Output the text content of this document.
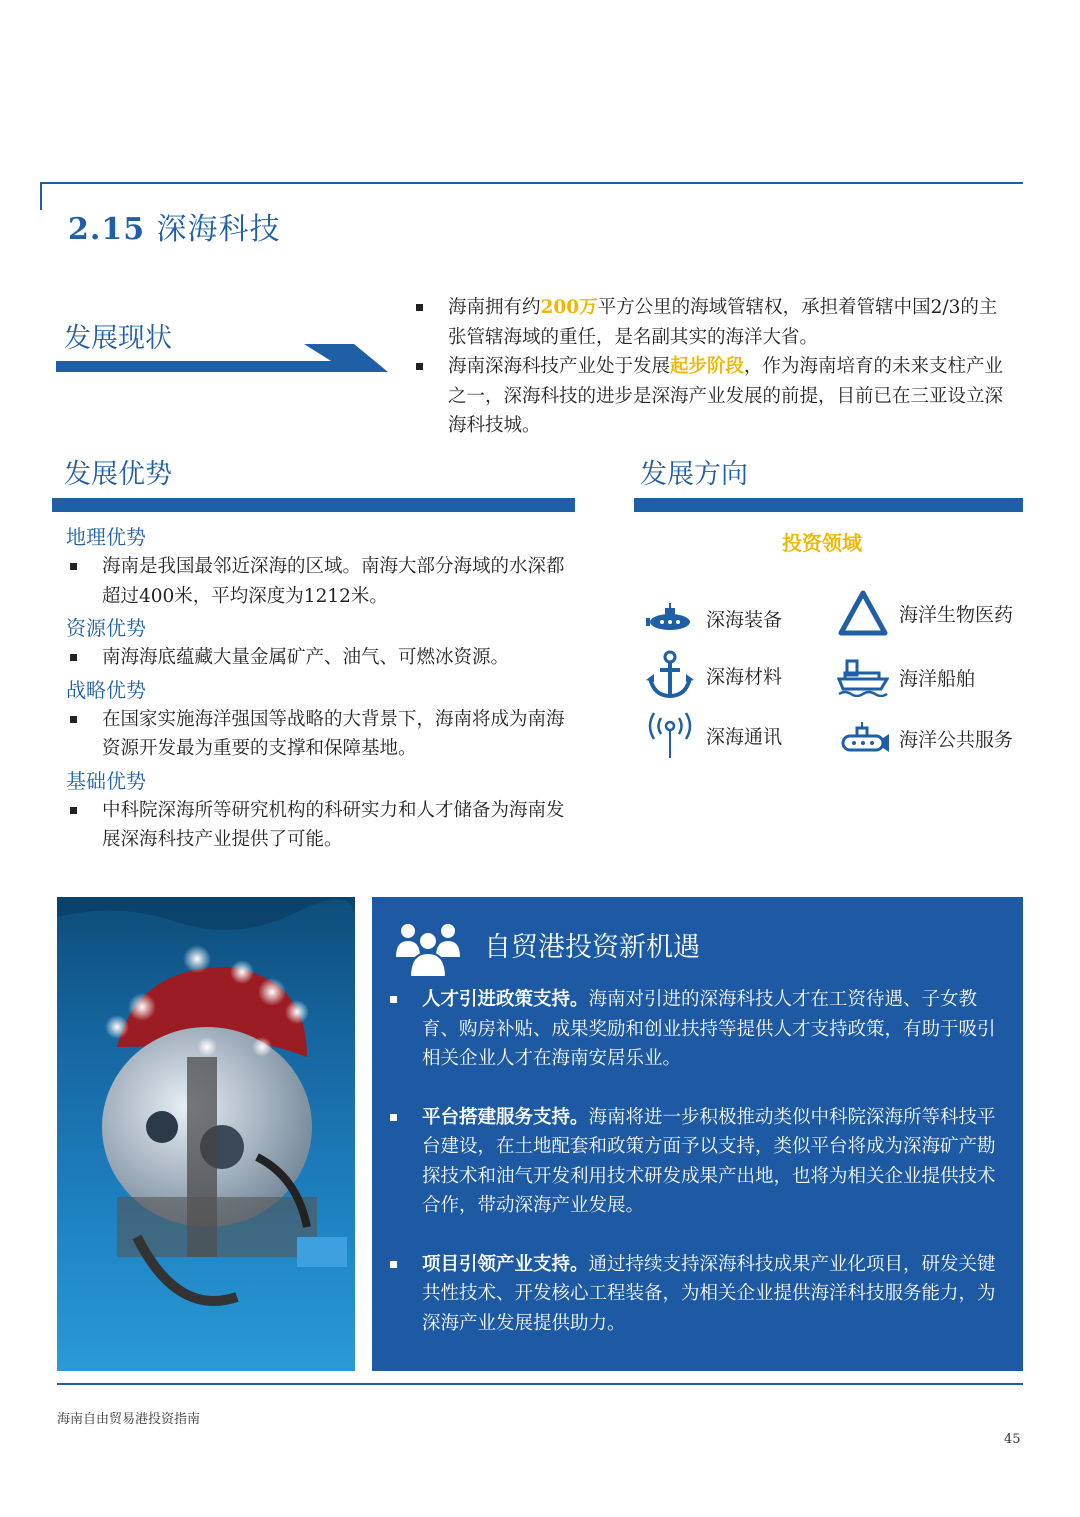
2.15 深海科技
发展现状
海南拥有约200万平方公里的海域管辖权，承担着管辖中国2/3的主张管辖海域的重任，是名副其实的海洋大省。
海南深海科技产业处于发展起步阶段，作为海南培育的未来支柱产业之一，深海科技的进步是深海产业发展的前提，目前已在三亚设立深海科技城。
发展优势
地理优势
海南是我国最邻近深海的区域。南海大部分海域的水深都超过400米，平均深度为1212米。
资源优势
南海海底蕴藏大量金属矿产、油气、可燃冰资源。
战略优势
在国家实施海洋强国等战略的大背景下，海南将成为南海资源开发最为重要的支撑和保障基地。
基础优势
中科院深海所等研究机构的科研实力和人才储备为海南发展深海科技产业提供了可能。
发展方向
投资领域
深海装备	海洋生物医药
深海材料	海洋船舶
深海通讯	海洋公共服务
自贸港投资新机遇
人才引进政策支持。海南对引进的深海科技人才在工资待遇、子女教育、购房补贴、成果奖励和创业扶持等提供人才支持政策，有助于吸引相关企业人才在海南安居乐业。
平台搭建服务支持。海南将进一步积极推动类似中科院深海所等科技平台建设，在土地配套和政策方面予以支持，类似平台将成为深海矿产勘探技术和油气开发利用技术研发成果产出地，也将为相关企业提供技术合作，带动深海产业发展。
项目引领产业支持。通过持续支持深海科技成果产业化项目，研发关键共性技术、开发核心工程装备，为相关企业提供海洋科技服务能力，为深海产业发展提供助力。
海南自由贸易港投资指南
45
